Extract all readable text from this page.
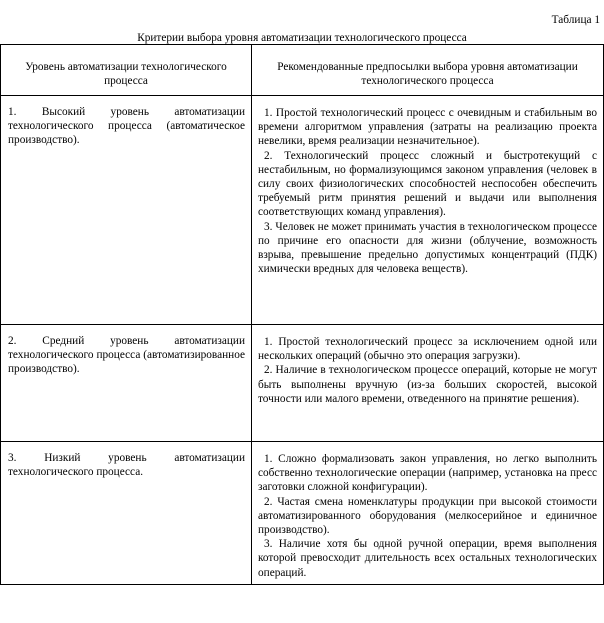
Таблица 1
Критерии выбора уровня автоматизации технологического процесса
Уровень автоматизации технологического процесса	Рекомендованные предпосылки выбора уровня автоматизации технологического процесса

1. Высокий уровень автоматизации технологического процесса (автоматическое производство).	1. Простой технологический процесс с очевидным и стабильным во времени алгоритмом управления (затраты на реализацию проекта невелики, время реализации незначительное).

2. Технологический процесс сложный и быстротекущий с нестабильным, но формализующимся законом управления (человек в силу своих физиологических способностей неспособен обеспечить требуемый ритм принятия решений и выдачи или выполнения соответствующих команд управления).

3. Человек не может принимать участия в технологическом процессе по причине его опасности для жизни (облучение, возможность взрыва, превышение предельно допустимых концентраций (ПДК) химически вредных для человека веществ).

2. Средний уровень автоматизации технологического процесса (автоматизированное производство).	1. Простой технологический процесс за исключением одной или нескольких операций (обычно это операция загрузки).

2. Наличие в технологическом процессе операций, которые не могут быть выполнены вручную (из-за больших скоростей, высокой точности или малого времени, отведенного на принятие решения).

3. Низкий уровень автоматизации технологического процесса.	1. Сложно формализовать закон управления, но легко выполнить собственно технологические операции (например, установка на пресс заготовки сложной конфигурации).

2. Частая смена номенклатуры продукции при высокой стоимости автоматизированного оборудования (мелкосерийное и единичное производство).

3. Наличие хотя бы одной ручной операции, время выполнения которой превосходит длительность всех остальных технологических операций.
